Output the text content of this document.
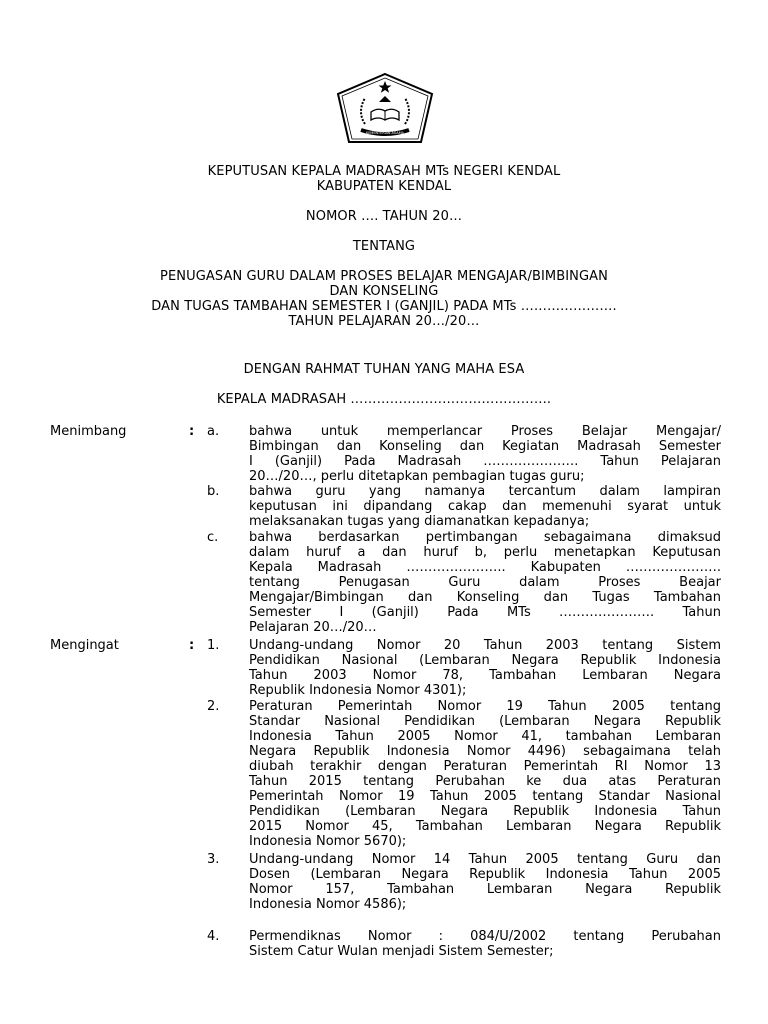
KEMENTERIAN AGAMA
KEPUTUSAN KEPALA MADRASAH MTs NEGERI KENDAL
KABUPATEN KENDAL
NOMOR …. TAHUN 20…
TENTANG
PENUGASAN GURU DALAM PROSES BELAJAR MENGAJAR/BIMBINGAN
DAN KONSELING
DAN TUGAS TAMBAHAN SEMESTER I (GANJIL) PADA MTs ………………….
TAHUN PELAJARAN 20…/20…
DENGAN RAHMAT TUHAN YANG MAHA ESA
KEPALA MADRASAH ……………………………………….
Menimbang	: a. bahwa untuk memperlancar Proses Belajar Mengajar/
Bimbingan dan Konseling dan Kegiatan Madrasah Semester
I (Ganjil) Pada Madrasah …………………. Tahun Pelajaran
20…/20…, perlu ditetapkan pembagian tugas guru;
b. bahwa guru yang namanya tercantum dalam lampiran
keputusan ini dipandang cakap dan memenuhi syarat untuk
melaksanakan tugas yang diamanatkan kepadanya;
c. bahwa berdasarkan pertimbangan sebagaimana dimaksud
dalam huruf a dan huruf b, perlu menetapkan Keputusan
Kepala Madrasah ………………….. Kabupaten ………………….
tentang Penugasan Guru dalam Proses Beajar
Mengajar/Bimbingan dan Konseling dan Tugas Tambahan
Semester I (Ganjil) Pada MTs …………………. Tahun
Pelajaran 20…/20…
Mengingat	: 1. Undang-undang Nomor 20 Tahun 2003 tentang Sistem
Pendidikan Nasional (Lembaran Negara Republik Indonesia
Tahun 2003 Nomor 78, Tambahan Lembaran Negara
Republik Indonesia Nomor 4301);
2. Peraturan Pemerintah Nomor 19 Tahun 2005 tentang
Standar Nasional Pendidikan (Lembaran Negara Republik
Indonesia Tahun 2005 Nomor 41, tambahan Lembaran
Negara Republik Indonesia Nomor 4496) sebagaimana telah
diubah terakhir dengan Peraturan Pemerintah RI Nomor 13
Tahun 2015 tentang Perubahan ke dua atas Peraturan
Pemerintah Nomor 19 Tahun 2005 tentang Standar Nasional
Pendidikan (Lembaran Negara Republik Indonesia Tahun
2015 Nomor 45, Tambahan Lembaran Negara Republik
Indonesia Nomor 5670);
3. Undang-undang Nomor 14 Tahun 2005 tentang Guru dan
Dosen (Lembaran Negara Republik Indonesia Tahun 2005
Nomor 157, Tambahan Lembaran Negara Republik
Indonesia Nomor 4586);
4. Permendiknas Nomor : 084/U/2002 tentang Perubahan
Sistem Catur Wulan menjadi Sistem Semester;
